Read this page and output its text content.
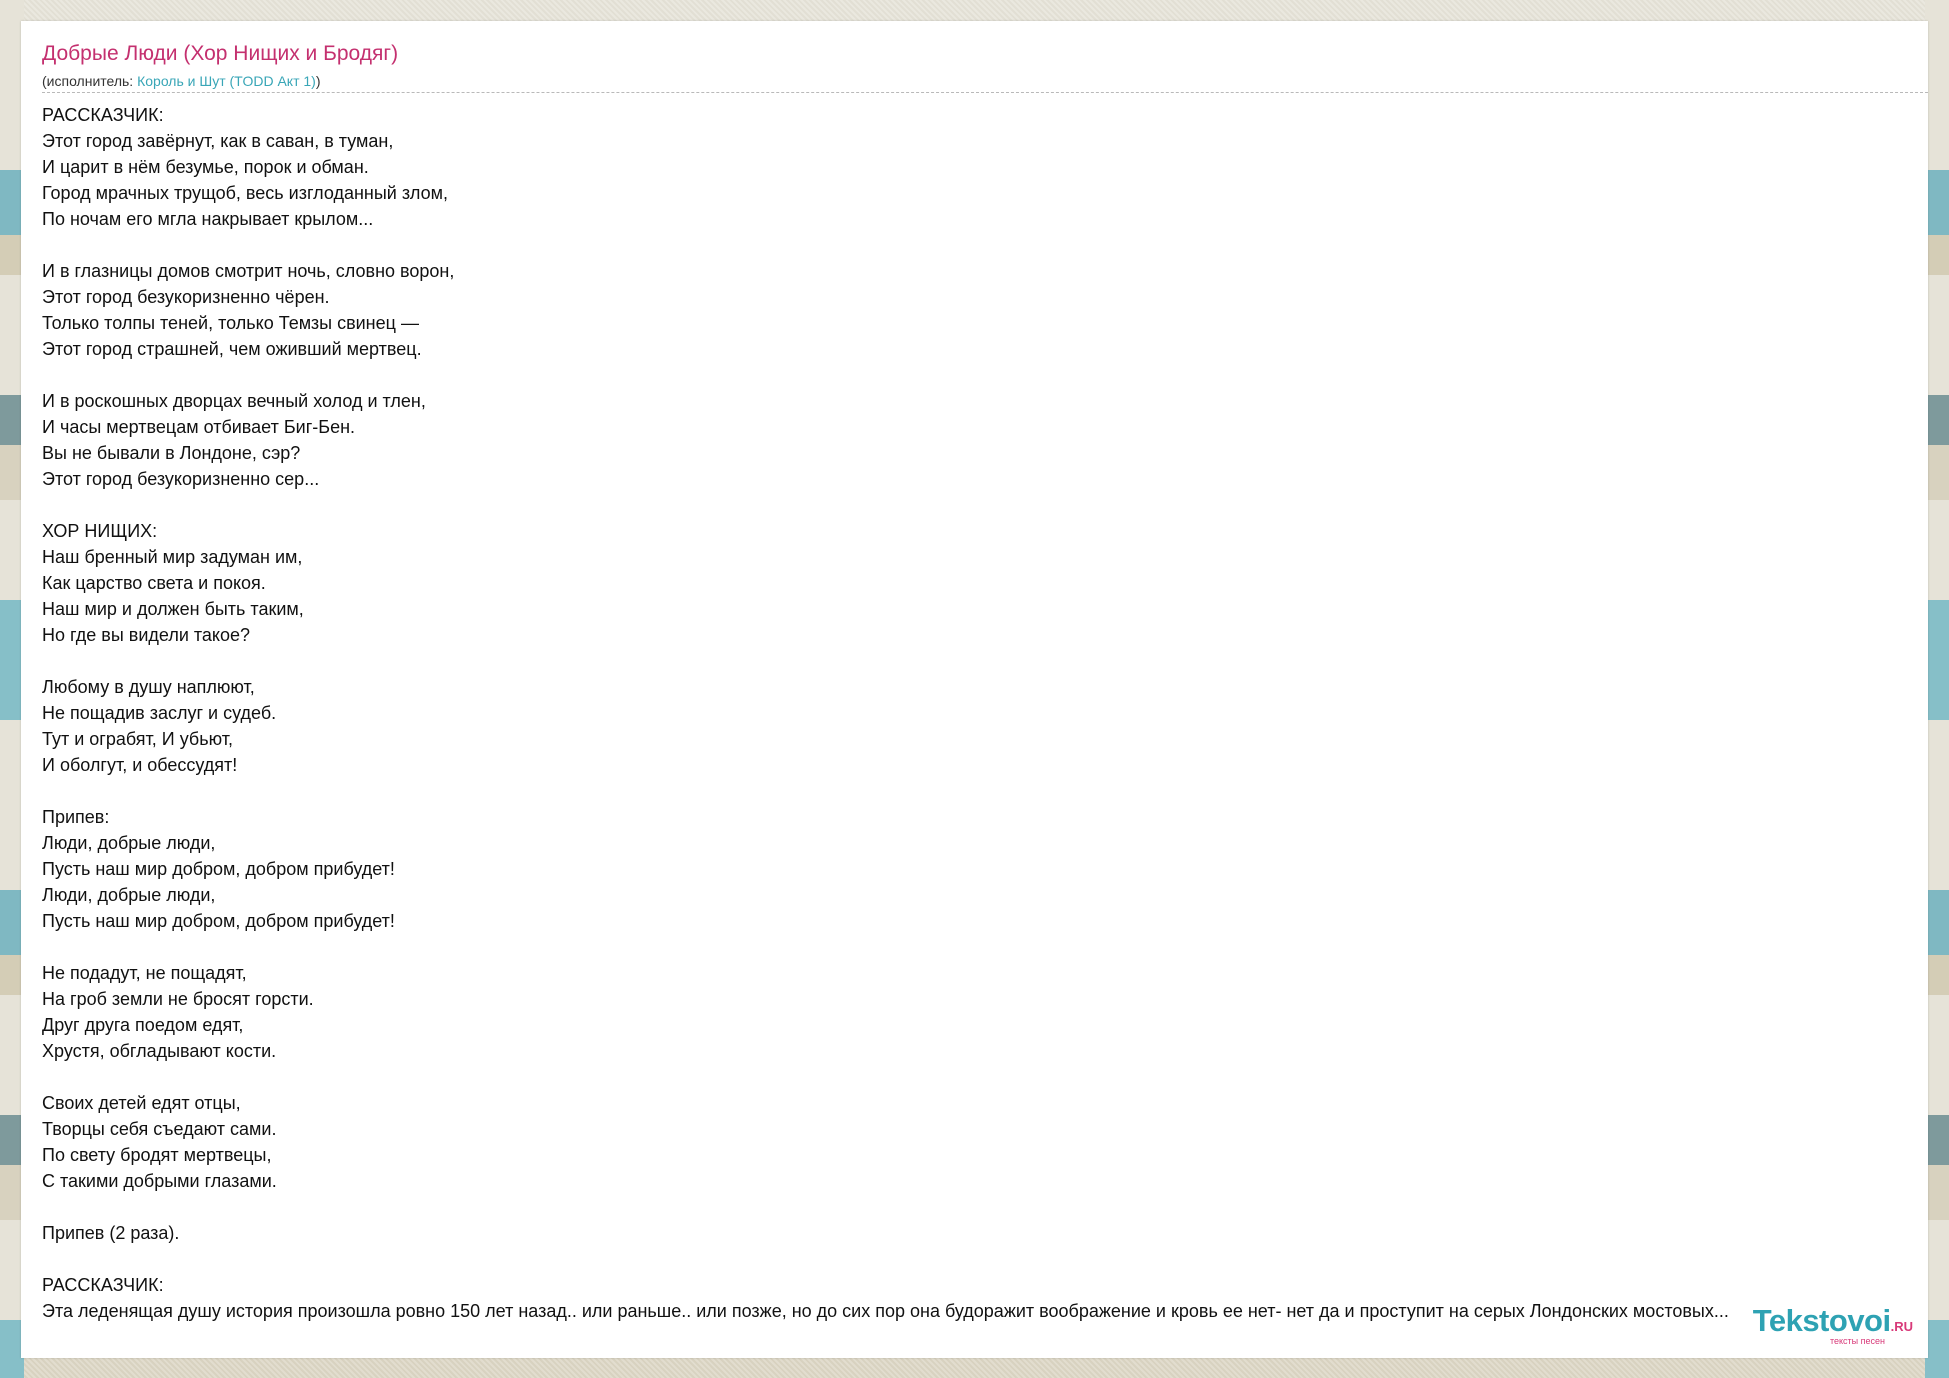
Добрые Люди (Хор Нищих и Бродяг)
(исполнитель: Король и Шут (TODD Акт 1))
РАССКАЗЧИК:
Этот город завёрнут, как в саван, в туман,
И царит в нём безумье, порок и обман.
Город мрачных трущоб, весь изглоданный злом,
По ночам его мгла накрывает крылом...
И в глазницы домов смотрит ночь, словно ворон,
Этот город безукоризненно чёрен.
Только толпы теней, только Темзы свинец —
Этот город страшней, чем оживший мертвец.
И в роскошных дворцах вечный холод и тлен,
И часы мертвецам отбивает Биг-Бен.
Вы не бывали в Лондоне, сэр?
Этот город безукоризненно сер...
ХОР НИЩИХ:
Наш бренный мир задуман им,
Как царство света и покоя.
Наш мир и должен быть таким,
Но где вы видели такое?
Любому в душу наплюют,
Не пощадив заслуг и судеб.
Тут и ограбят, И убьют,
И оболгут, и обессудят!
Припев:
Люди, добрые люди,
Пусть наш мир добром, добром прибудет!
Люди, добрые люди,
Пусть наш мир добром, добром прибудет!
Не подадут, не пощадят,
На гроб земли не бросят горсти.
Друг друга поедом едят,
Хрустя, обгладывают кости.
Своих детей едят отцы,
Творцы себя съедают сами.
По свету бродят мертвецы,
С такими добрыми глазами.
Припев (2 раза).
РАССКАЗЧИК:
Эта леденящая душу история произошла ровно 150 лет назад.. или раньше.. или позже, но до сих пор она будоражит воображение и кровь ее нет- нет да и проступит на серых Лондонских мостовых... Tekstovoi.RU
тексты песен
